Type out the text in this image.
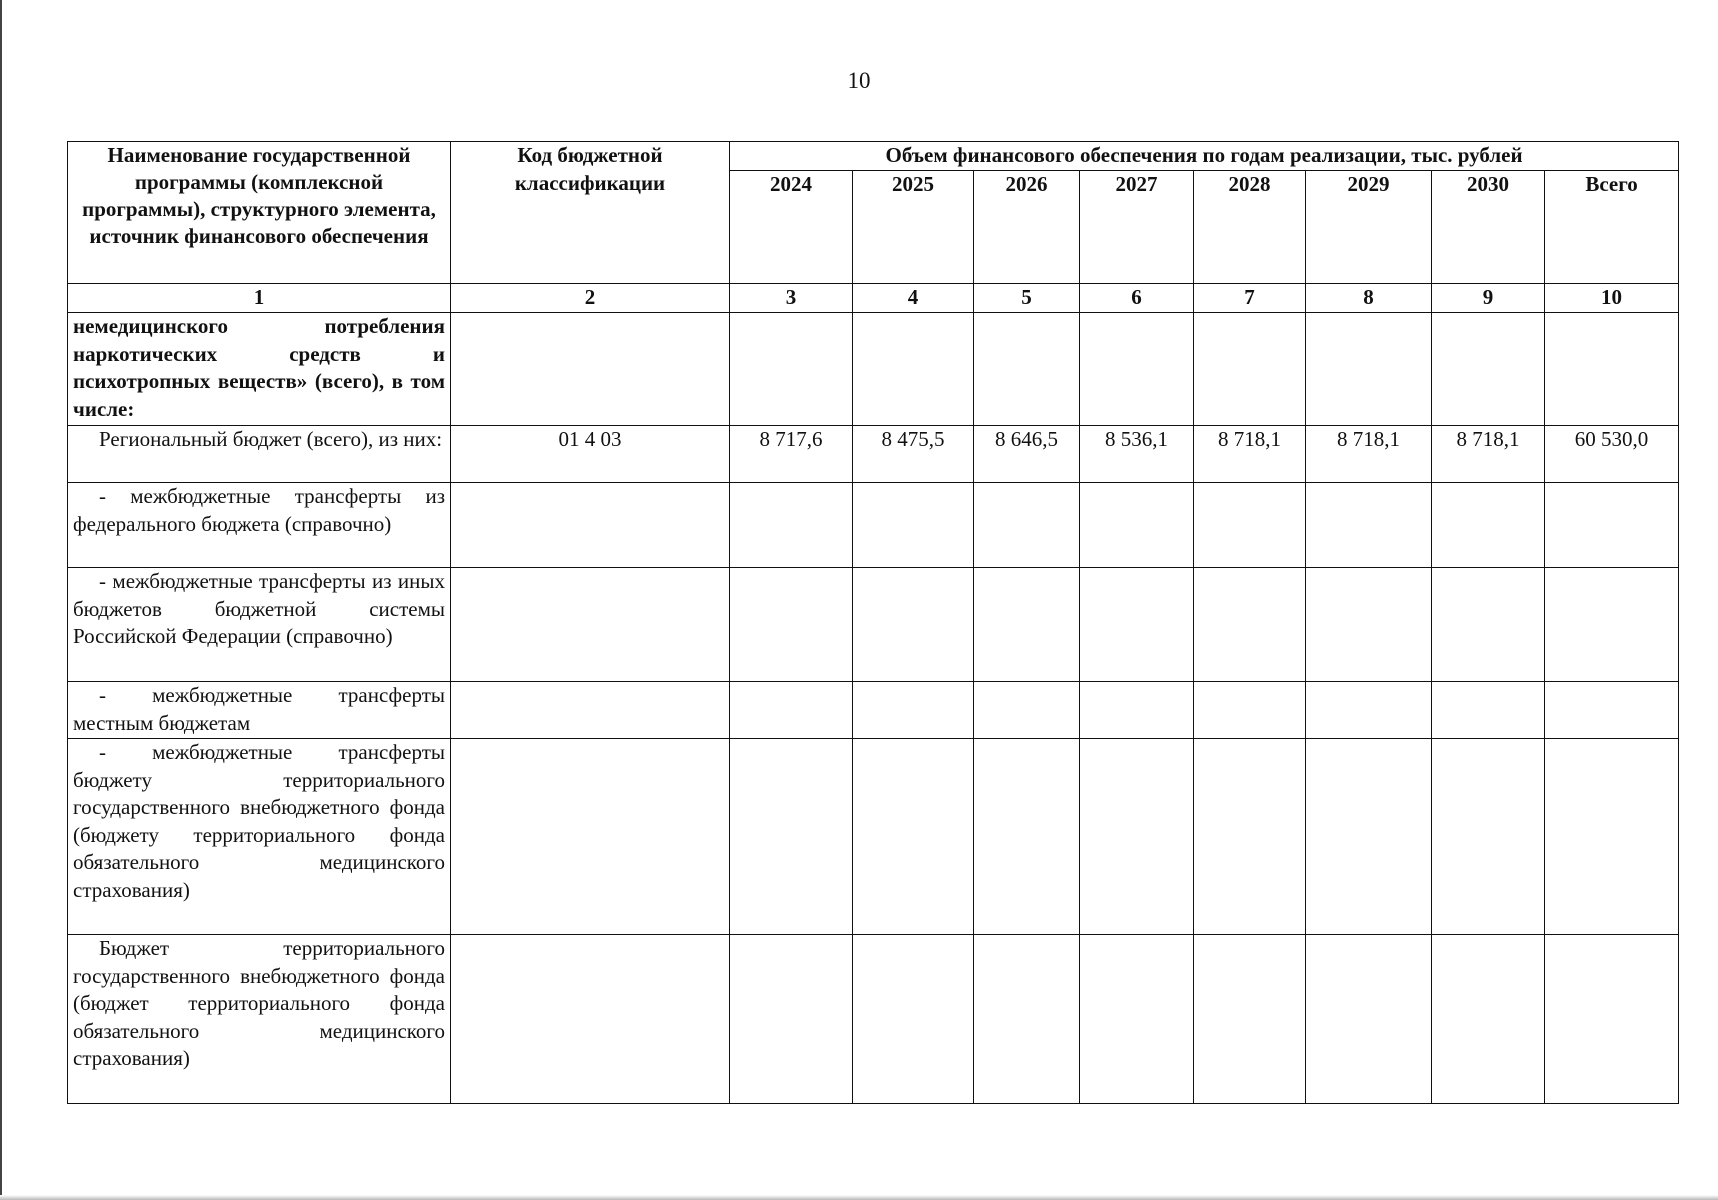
10
Наименование государственной программы (комплексной программы), структурного элемента, источник финансового обеспечения	Код бюджетной классификации	Объем финансового обеспечения по годам реализации, тыс. рублей							
		2024	2025	2026	2027	2028	2029	2030	Всего
1	2	3	4	5	6	7	8	9	10
немедицинского потребления наркотических средств и психотропных веществ» (всего), в том числе:									
Региональный бюджет (всего), из них:	01 4 03	8 717,6	8 475,5	8 646,5	8 536,1	8 718,1	8 718,1	8 718,1	60 530,0
- межбюджетные трансферты из федерального бюджета (справочно)									
- межбюджетные трансферты из иных бюджетов бюджетной системы Российской Федерации (справочно)									
- межбюджетные трансферты местным бюджетам									
- межбюджетные трансферты бюджету территориального государственного внебюджетного фонда (бюджету территориального фонда обязательного медицинского страхования)									
Бюджет территориального государственного внебюджетного фонда (бюджет территориального фонда обязательного медицинского страхования)									
